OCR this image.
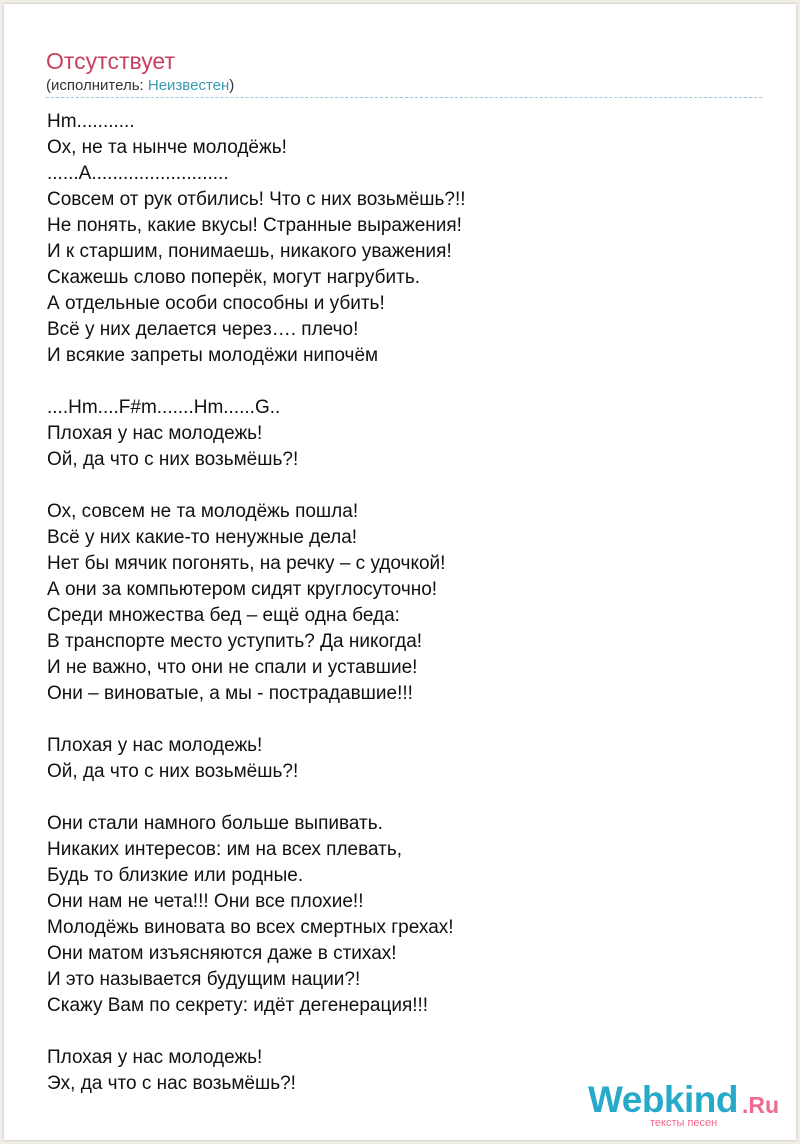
Отсутствует
(исполнитель: Неизвестен)
Hm...........
Ох, не та нынче молодёжь!
......A..........................
Совсем от рук отбились! Что с них возьмёшь?!!
Не понять, какие вкусы! Странные выражения!
И к старшим, понимаешь, никакого уважения!
Скажешь слово поперёк, могут нагрубить.
А отдельные особи способны и убить!
Всё у них делается через…. плечо!
И всякие запреты молодёжи нипочём
....Hm....F#m.......Hm......G..
Плохая у нас молодежь!
Ой, да что с них возьмёшь?!
Ох, совсем не та молодёжь пошла!
Всё у них какие-то ненужные дела!
Нет бы мячик погонять, на речку – с удочкой!
А они за компьютером сидят круглосуточно!
Среди множества бед – ещё одна беда:
В транспорте место уступить? Да никогда!
И не важно, что они не спали и уставшие!
Они – виноватые, а мы - пострадавшие!!!
Плохая у нас молодежь!
Ой, да что с них возьмёшь?!
Они стали намного больше выпивать.
Никаких интересов: им на всех плевать,
Будь то близкие или родные.
Они нам не чета!!! Они все плохие!!
Молодёжь виновата во всех смертных грехах!
Они матом изъясняются даже в стихах!
И это называется будущим нации?!
Скажу Вам по секрету: идёт дегенерация!!!
Плохая у нас молодежь!
Эх, да что с нас возьмёшь?!	Webkind .Ru
тексты песен
